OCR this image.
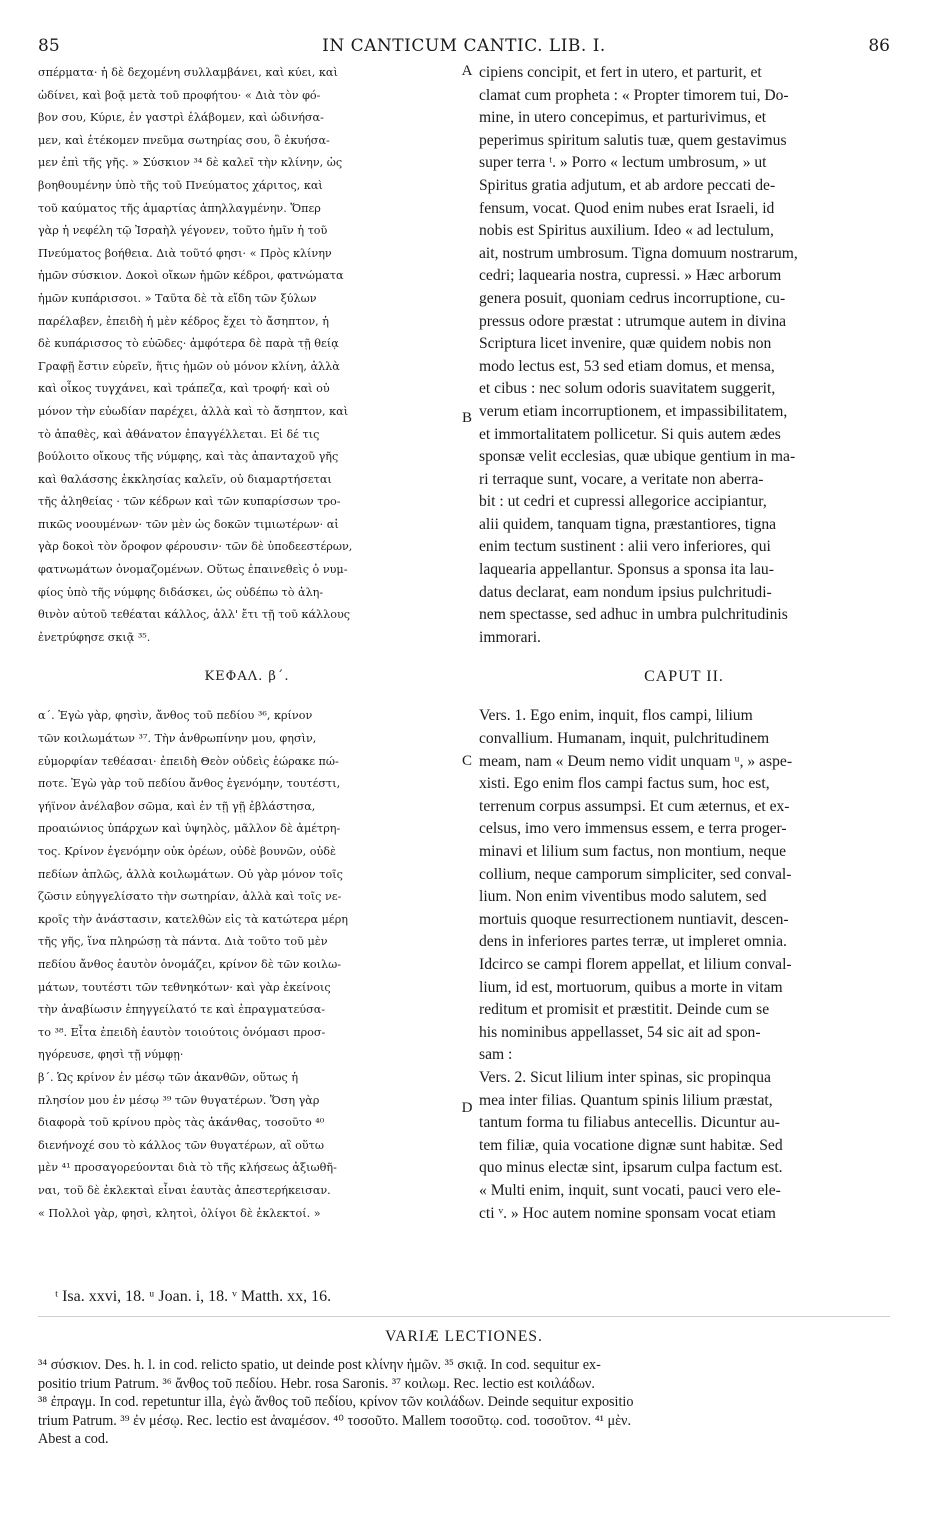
85	IN CANTICUM CANTIC. LIB. I.	86
σπέρματα· ἡ δὲ δεχομένη συλλαμβάνει, καὶ κύει, καὶ
ὠδίνει, καὶ βοᾷ μετὰ τοῦ προφήτου· « Διὰ τὸν φό-
βον σου, Κύριε, ἐν γαστρὶ ἐλάβομεν, καὶ ὠδινήσα-
μεν, καὶ ἐτέκομεν πνεῦμα σωτηρίας σου, ὃ ἐκυήσα-
μεν ἐπὶ τῆς γῆς. » Σύσκιον ³⁴ δὲ καλεῖ τὴν κλίνην, ὡς
βοηθουμένην ὑπὸ τῆς τοῦ Πνεύματος χάριτος, καὶ
τοῦ καύματος τῆς ἁμαρτίας ἀπηλλαγμένην. Ὅπερ
γὰρ ἡ νεφέλη τῷ Ἰσραὴλ γέγονεν, τοῦτο ἡμῖν ἡ τοῦ
Πνεύματος βοήθεια. Διὰ τοῦτό φησι· « Πρὸς κλίνην
ἡμῶν σύσκιον. Δοκοὶ οἴκων ἡμῶν κέδροι, φατνώματα
ἡμῶν κυπάρισσοι. » Ταῦτα δὲ τὰ εἴδη τῶν ξύλων
παρέλαβεν, ἐπειδὴ ἡ μὲν κέδρος ἔχει τὸ ἄσηπτον, ἡ
δὲ κυπάρισσος τὸ εὐῶδες· ἀμφότερα δὲ παρὰ τῇ θείᾳ
Γραφῇ ἔστιν εὑρεῖν, ἥτις ἡμῶν οὐ μόνον κλίνη, ἀλλὰ
καὶ οἶκος τυγχάνει, καὶ τράπεζα, καὶ τροφή· καὶ οὐ
μόνον τὴν εὐωδίαν παρέχει, ἀλλὰ καὶ τὸ ἄσηπτον, καὶ
τὸ ἀπαθὲς, καὶ ἀθάνατον ἐπαγγέλλεται. Εἰ δέ τις
βούλοιτο οἴκους τῆς νύμφης, καὶ τὰς ἁπανταχοῦ γῆς
καὶ θαλάσσης ἐκκλησίας καλεῖν, οὐ διαμαρτήσεται
τῆς ἀληθείας · τῶν κέδρων καὶ τῶν κυπαρίσσων τρο-
πικῶς νοουμένων· τῶν μὲν ὡς δοκῶν τιμιωτέρων· αἱ
γὰρ δοκοὶ τὸν ὄροφον φέρουσιν· τῶν δὲ ὑποδεεστέρων,
φατνωμάτων ὀνομαζομένων. Οὕτως ἐπαινεθεὶς ὁ νυμ-
φίος ὑπὸ τῆς νύμφης διδάσκει, ὡς οὐδέπω τὸ ἀλη-
θινὸν αὐτοῦ τεθέαται κάλλος, ἀλλ' ἔτι τῇ τοῦ κάλλους
ἐνετρύφησε σκιᾷ ³⁵.
ΚΕΦΑΛ. β΄.
α΄. Ἐγὼ γὰρ, φησὶν, ἄνθος τοῦ πεδίου ³⁶, κρίνον
τῶν κοιλωμάτων ³⁷. Τὴν ἀνθρωπίνην μου, φησὶν,
εὐμορφίαν τεθέασαι· ἐπειδὴ Θεὸν οὐδεὶς ἑώρακε πώ-
ποτε. Ἐγὼ γὰρ τοῦ πεδίου ἄνθος ἐγενόμην, τουτέστι,
γήϊνον ἀνέλαβον σῶμα, καὶ ἐν τῇ γῇ ἐβλάστησα,
προαιώνιος ὑπάρχων καὶ ὑψηλὸς, μᾶλλον δὲ ἀμέτρη-
τος. Κρίνον ἐγενόμην οὐκ ὀρέων, οὐδὲ βουνῶν, οὐδὲ
πεδίων ἁπλῶς, ἀλλὰ κοιλωμάτων. Οὐ γὰρ μόνον τοῖς
ζῶσιν εὐηγγελίσατο τὴν σωτηρίαν, ἀλλὰ καὶ τοῖς νε-
κροῖς τὴν ἀνάστασιν, κατελθὼν εἰς τὰ κατώτερα μέρη
τῆς γῆς, ἵνα πληρώσῃ τὰ πάντα. Διὰ τοῦτο τοῦ μὲν
πεδίου ἄνθος ἑαυτὸν ὀνομάζει, κρίνον δὲ τῶν κοιλω-
μάτων, τουτέστι τῶν τεθνηκότων· καὶ γὰρ ἐκείνοις
τὴν ἀναβίωσιν ἐπηγγείλατό τε καὶ ἐπραγματεύσα-
το ³⁸. Εἶτα ἐπειδὴ ἑαυτὸν τοιούτοις ὀνόμασι προσ-
ηγόρευσε, φησὶ τῇ νύμφῃ·
β΄. Ὡς κρίνον ἐν μέσῳ τῶν ἀκανθῶν, οὕτως ἡ
πλησίον μου ἐν μέσῳ ³⁹ τῶν θυγατέρων. Ὅση γὰρ
διαφορὰ τοῦ κρίνου πρὸς τὰς ἀκάνθας, τοσοῦτο ⁴⁰
διενήνοχέ σου τὸ κάλλος τῶν θυγατέρων, αἳ οὕτω
μὲν ⁴¹ προσαγορεύονται διὰ τὸ τῆς κλήσεως ἀξιωθῆ-
ναι, τοῦ δὲ ἐκλεκταὶ εἶναι ἑαυτὰς ἀπεστερήκεισαν.
« Πολλοὶ γὰρ, φησὶ, κλητοὶ, ὀλίγοι δὲ ἐκλεκτοί. »
A
B
C
D
cipiens concipit, et fert in utero, et parturit, et
clamat cum propheta : « Propter timorem tui, Do-
mine, in utero concepimus, et parturivimus, et
peperimus spiritum salutis tuæ, quem gestavimus
super terra ᵗ. » Porro « lectum umbrosum, » ut
Spiritus gratia adjutum, et ab ardore peccati de-
fensum, vocat. Quod enim nubes erat Israeli, id
nobis est Spiritus auxilium. Ideo « ad lectulum,
ait, nostrum umbrosum. Tigna domuum nostrarum,
cedri; laquearia nostra, cupressi. » Hæc arborum
genera posuit, quoniam cedrus incorruptione, cu-
pressus odore præstat : utrumque autem in divina
Scriptura licet invenire, quæ quidem nobis non
modo lectus est, 53 sed etiam domus, et mensa,
et cibus : nec solum odoris suavitatem suggerit,
verum etiam incorruptionem, et impassibilitatem,
et immortalitatem pollicetur. Si quis autem ædes
sponsæ velit ecclesias, quæ ubique gentium in ma-
ri terraque sunt, vocare, a veritate non aberra-
bit : ut cedri et cupressi allegorice accipiantur,
alii quidem, tanquam tigna, præstantiores, tigna
enim tectum sustinent : alii vero inferiores, qui
laquearia appellantur. Sponsus a sponsa ita lau-
datus declarat, eam nondum ipsius pulchritudi-
nem spectasse, sed adhuc in umbra pulchritudinis
immorari.
CAPUT II.
Vers. 1. Ego enim, inquit, flos campi, lilium
convallium. Humanam, inquit, pulchritudinem
meam, nam « Deum nemo vidit unquam ᵘ, » aspe-
xisti. Ego enim flos campi factus sum, hoc est,
terrenum corpus assumpsi. Et cum æternus, et ex-
celsus, imo vero immensus essem, e terra proger-
minavi et lilium sum factus, non montium, neque
collium, neque camporum simpliciter, sed conval-
lium. Non enim viventibus modo salutem, sed
mortuis quoque resurrectionem nuntiavit, descen-
dens in inferiores partes terræ, ut impleret omnia.
Idcirco se campi florem appellat, et lilium conval-
lium, id est, mortuorum, quibus a morte in vitam
reditum et promisit et præstitit. Deinde cum se
his nominibus appellasset, 54 sic ait ad spon-
sam :
Vers. 2. Sicut lilium inter spinas, sic propinqua
mea inter filias. Quantum spinis lilium præstat,
tantum forma tu filiabus antecellis. Dicuntur au-
tem filiæ, quia vocatione dignæ sunt habitæ. Sed
quo minus electæ sint, ipsarum culpa factum est.
« Multi enim, inquit, sunt vocati, pauci vero ele-
cti ᵛ. » Hoc autem nomine sponsam vocat etiam
ᵗ Isa. xxvi, 18. ᵘ Joan. i, 18. ᵛ Matth. xx, 16.
VARIÆ LECTIONES.
³⁴ σύσκιον. Des. h. l. in cod. relicto spatio, ut deinde post κλίνην ἡμῶν. ³⁵ σκιᾷ. In cod. sequitur ex-
positio trium Patrum. ³⁶ ἄνθος τοῦ πεδίου. Hebr. rosa Saronis. ³⁷ κοιλωμ. Rec. lectio est κοιλάδων.
³⁸ ἐπραγμ. In cod. repetuntur illa, ἐγὼ ἄνθος τοῦ πεδίου, κρίνον τῶν κοιλάδων. Deinde sequitur expositio
trium Patrum. ³⁹ ἐν μέσῳ. Rec. lectio est ἀναμέσον. ⁴⁰ τοσοῦτο. Mallem τοσοῦτῳ. cod. τοσοῦτον. ⁴¹ μὲν.
Abest a cod.
